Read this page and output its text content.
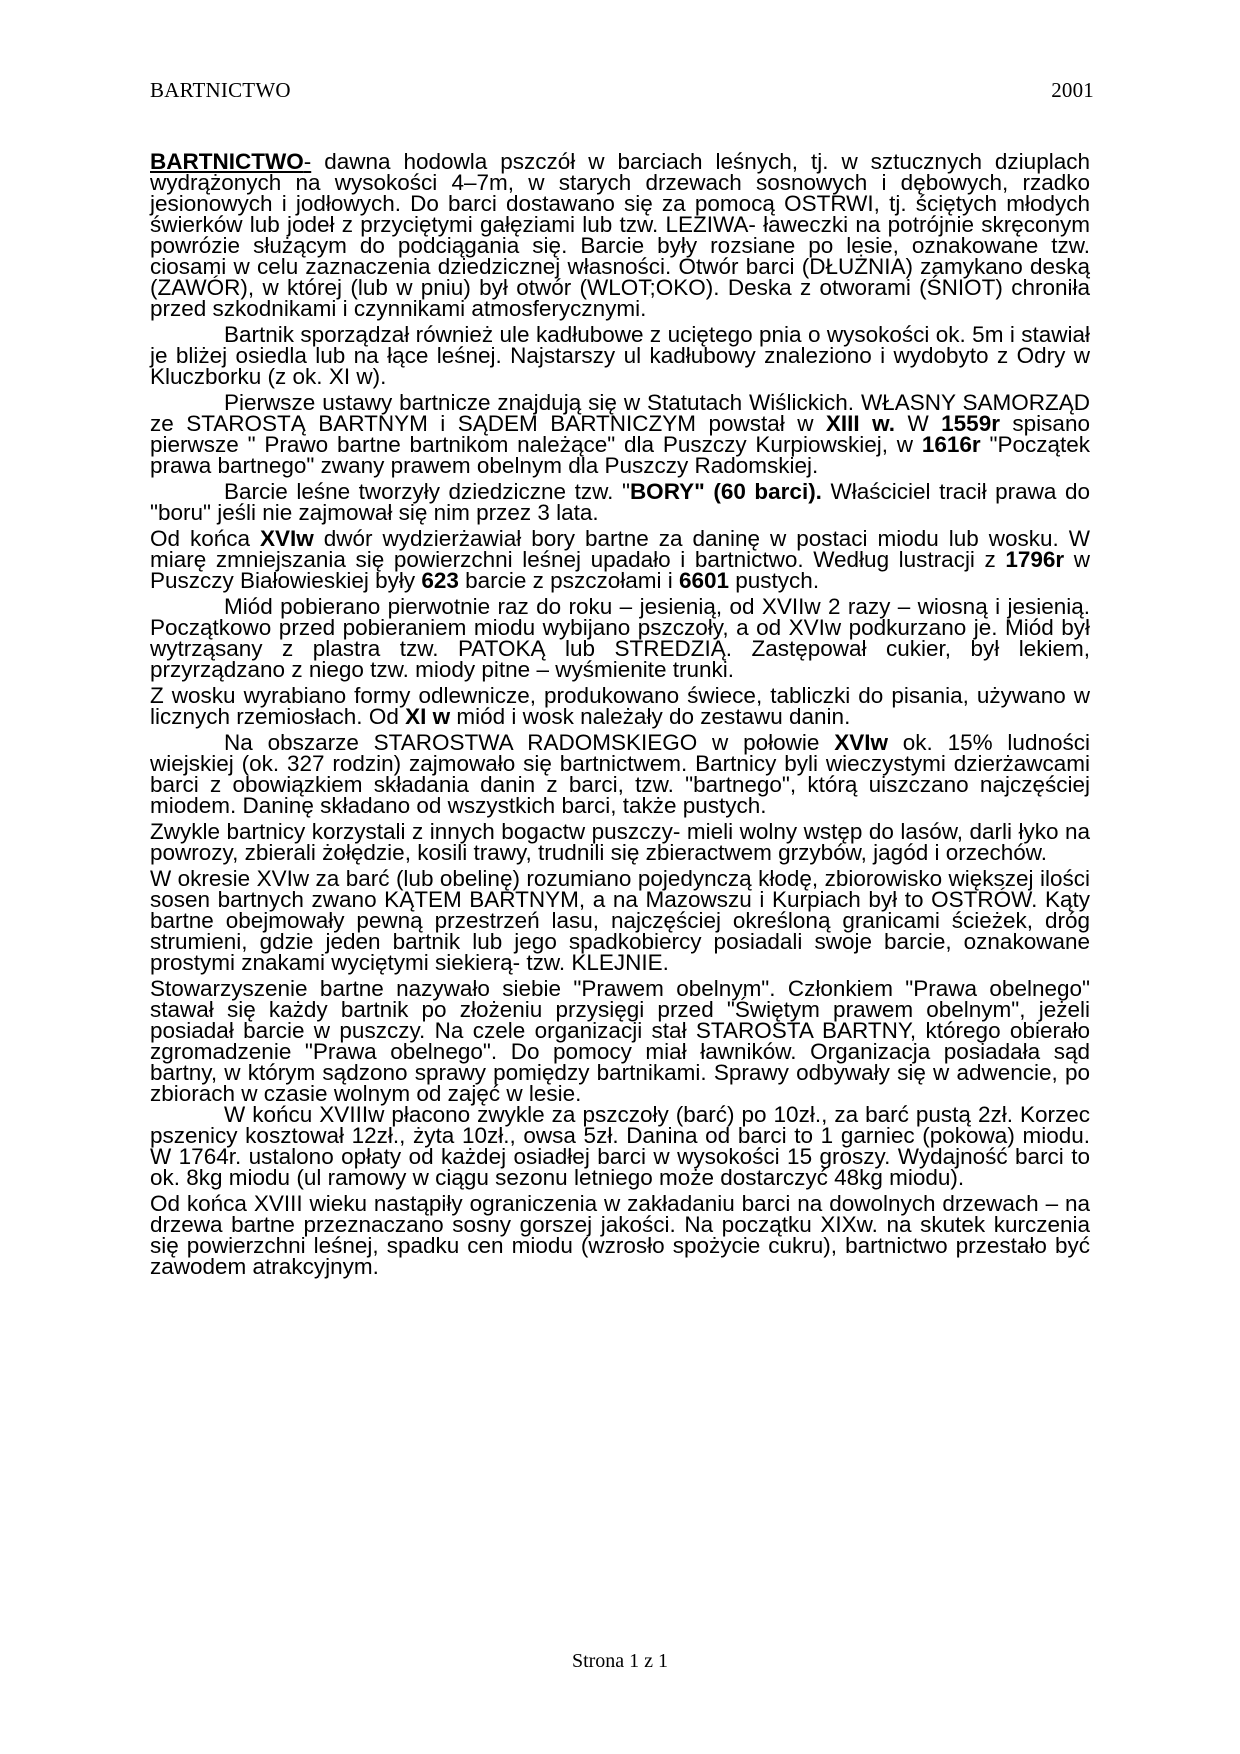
BARTNICTWO	2001

BARTNICTWO- dawna hodowla pszczół w barciach leśnych, tj. w sztucznych dziuplach wydrążonych na wysokości 4–7m, w starych drzewach sosnowych i dębowych, rzadko jesionowych i jodłowych. Do barci dostawano się za pomocą OSTRWI, tj. ściętych młodych świerków lub jodeł z przyciętymi gałęziami lub tzw. LEZIWA- ławeczki na potrójnie skręconym powrózie służącym do podciągania się. Barcie były rozsiane po lesie, oznakowane tzw. ciosami w celu zaznaczenia dziedzicznej własności. Otwór barci (DŁUŻNIA) zamykano deską (ZAWÓR), w której (lub w pniu) był otwór (WLOT;OKO). Deska z otworami (ŚNIOT) chroniła przed szkodnikami i czynnikami atmosferycznymi.

Bartnik sporządzał również ule kadłubowe z uciętego pnia o wysokości ok. 5m i stawiał je bliżej osiedla lub na łące leśnej. Najstarszy ul kadłubowy znaleziono i wydobyto z Odry w Kluczborku (z ok. XI w).

Pierwsze ustawy bartnicze znajdują się w Statutach Wiślickich. WŁASNY SAMORZĄD ze STAROSTĄ BARTNYM i SĄDEM BARTNICZYM powstał w XIII w. W 1559r spisano pierwsze " Prawo bartne bartnikom należące" dla Puszczy Kurpiowskiej, w 1616r "Początek prawa bartnego" zwany prawem obelnym dla Puszczy Radomskiej.

Barcie leśne tworzyły dziedziczne tzw. "BORY" (60 barci). Właściciel tracił prawa do "boru" jeśli nie zajmował się nim przez 3 lata.

Od końca XVIw dwór wydzierżawiał bory bartne za daninę w postaci miodu lub wosku. W miarę zmniejszania się powierzchni leśnej upadało i bartnictwo. Według lustracji z 1796r w Puszczy Białowieskiej były 623 barcie z pszczołami i 6601 pustych.

Miód pobierano pierwotnie raz do roku – jesienią, od XVIIw 2 razy – wiosną i jesienią. Początkowo przed pobieraniem miodu wybijano pszczoły, a od XVIw podkurzano je. Miód był wytrząsany z plastra tzw. PATOKĄ lub STREDZIĄ. Zastępował cukier, był lekiem, przyrządzano z niego tzw. miody pitne – wyśmienite trunki.

Z wosku wyrabiano formy odlewnicze, produkowano świece, tabliczki do pisania, używano w licznych rzemiosłach. Od XI w miód i wosk należały do zestawu danin.

Na obszarze STAROSTWA RADOMSKIEGO w połowie XVIw ok. 15% ludności wiejskiej (ok. 327 rodzin) zajmowało się bartnictwem. Bartnicy byli wieczystymi dzierżawcami barci z obowiązkiem składania danin z barci, tzw. "bartnego", którą uiszczano najczęściej miodem. Daninę składano od wszystkich barci, także pustych.

Zwykle bartnicy korzystali z innych bogactw puszczy- mieli wolny wstęp do lasów, darli łyko na powrozy, zbierali żołędzie, kosili trawy, trudnili się zbieractwem grzybów, jagód i orzechów.

W okresie XVIw za barć (lub obelinę) rozumiano pojedynczą kłodę, zbiorowisko większej ilości sosen bartnych zwano KĄTEM BARTNYM, a na Mazowszu i Kurpiach był to OSTRÓW. Kąty bartne obejmowały pewną przestrzeń lasu, najczęściej określoną granicami ścieżek, dróg strumieni, gdzie jeden bartnik lub jego spadkobiercy posiadali swoje barcie, oznakowane prostymi znakami wyciętymi siekierą- tzw. KLEJNIE.

Stowarzyszenie bartne nazywało siebie "Prawem obelnym". Członkiem "Prawa obelnego" stawał się każdy bartnik po złożeniu przysięgi przed "Świętym prawem obelnym", jeżeli posiadał barcie w puszczy. Na czele organizacji stał STAROSTA BARTNY, którego obierało zgromadzenie "Prawa obelnego". Do pomocy miał ławników. Organizacja posiadała sąd bartny, w którym sądzono sprawy pomiędzy bartnikami. Sprawy odbywały się w adwencie, po zbiorach w czasie wolnym od zajęć w lesie.

W końcu XVIIIw płacono zwykle za pszczoły (barć) po 10zł., za barć pustą 2zł. Korzec pszenicy kosztował 12zł., żyta 10zł., owsa 5zł. Danina od barci to 1 garniec (pokowa) miodu. W 1764r. ustalono opłaty od każdej osiadłej barci w wysokości 15 groszy. Wydajność barci to ok. 8kg miodu (ul ramowy w ciągu sezonu letniego może dostarczyć 48kg miodu).

Od końca XVIII wieku nastąpiły ograniczenia w zakładaniu barci na dowolnych drzewach – na drzewa bartne przeznaczano sosny gorszej jakości. Na początku XIXw. na skutek kurczenia się powierzchni leśnej, spadku cen miodu (wzrosło spożycie cukru), bartnictwo przestało być zawodem atrakcyjnym.

Strona 1 z 1
